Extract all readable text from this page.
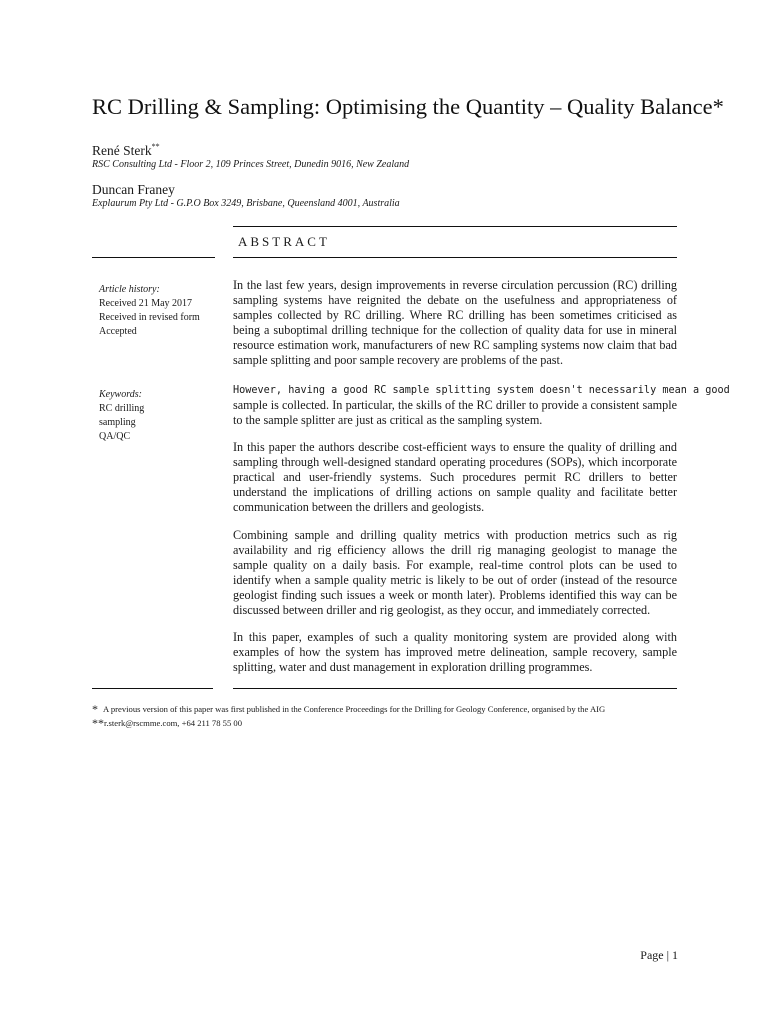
RC Drilling & Sampling: Optimising the Quantity – Quality Balance*
René Sterk**
RSC Consulting Ltd - Floor 2, 109 Princes Street, Dunedin 9016, New Zealand
Duncan Franey
Explaurum Pty Ltd - G.P.O Box 3249, Brisbane, Queensland 4001, Australia
ABSTRACT
Article history:
Received 21 May 2017
Received in revised form
Accepted
Keywords:
RC drilling
sampling
QA/QC

In the last few years, design improvements in reverse circulation percussion (RC) drilling sampling systems have reignited the debate on the usefulness and appropriateness of samples collected by RC drilling. Where RC drilling has been sometimes criticised as being a suboptimal drilling technique for the collection of quality data for use in mineral resource estimation work, manufacturers of new RC sampling systems now claim that bad sample splitting and poor sample recovery are problems of the past.

However, having a good RC sample splitting system doesn't necessarily mean a good

sample is collected. In particular, the skills of the RC driller to provide a consistent sample to the sample splitter are just as critical as the sampling system.

In this paper the authors describe cost-efficient ways to ensure the quality of drilling and sampling through well-designed standard operating procedures (SOPs), which incorporate practical and user-friendly systems. Such procedures permit RC drillers to better understand the implications of drilling actions on sample quality and facilitate better communication between the drillers and geologists.

Combining sample and drilling quality metrics with production metrics such as rig availability and rig efficiency allows the drill rig managing geologist to manage the sample quality on a daily basis. For example, real-time control plots can be used to identify when a sample quality metric is likely to be out of order (instead of the resource geologist finding such issues a week or month later). Problems identified this way can be discussed between driller and rig geologist, as they occur, and immediately corrected.

In this paper, examples of such a quality monitoring system are provided along with examples of how the system has improved metre delineation, sample recovery, sample splitting, water and dust management in exploration drilling programmes.

* A previous version of this paper was first published in the Conference Proceedings for the Drilling for Geology Conference, organised by the AIG
**r.sterk@rscmme.com, +64 211 78 55 00
Page | 1
